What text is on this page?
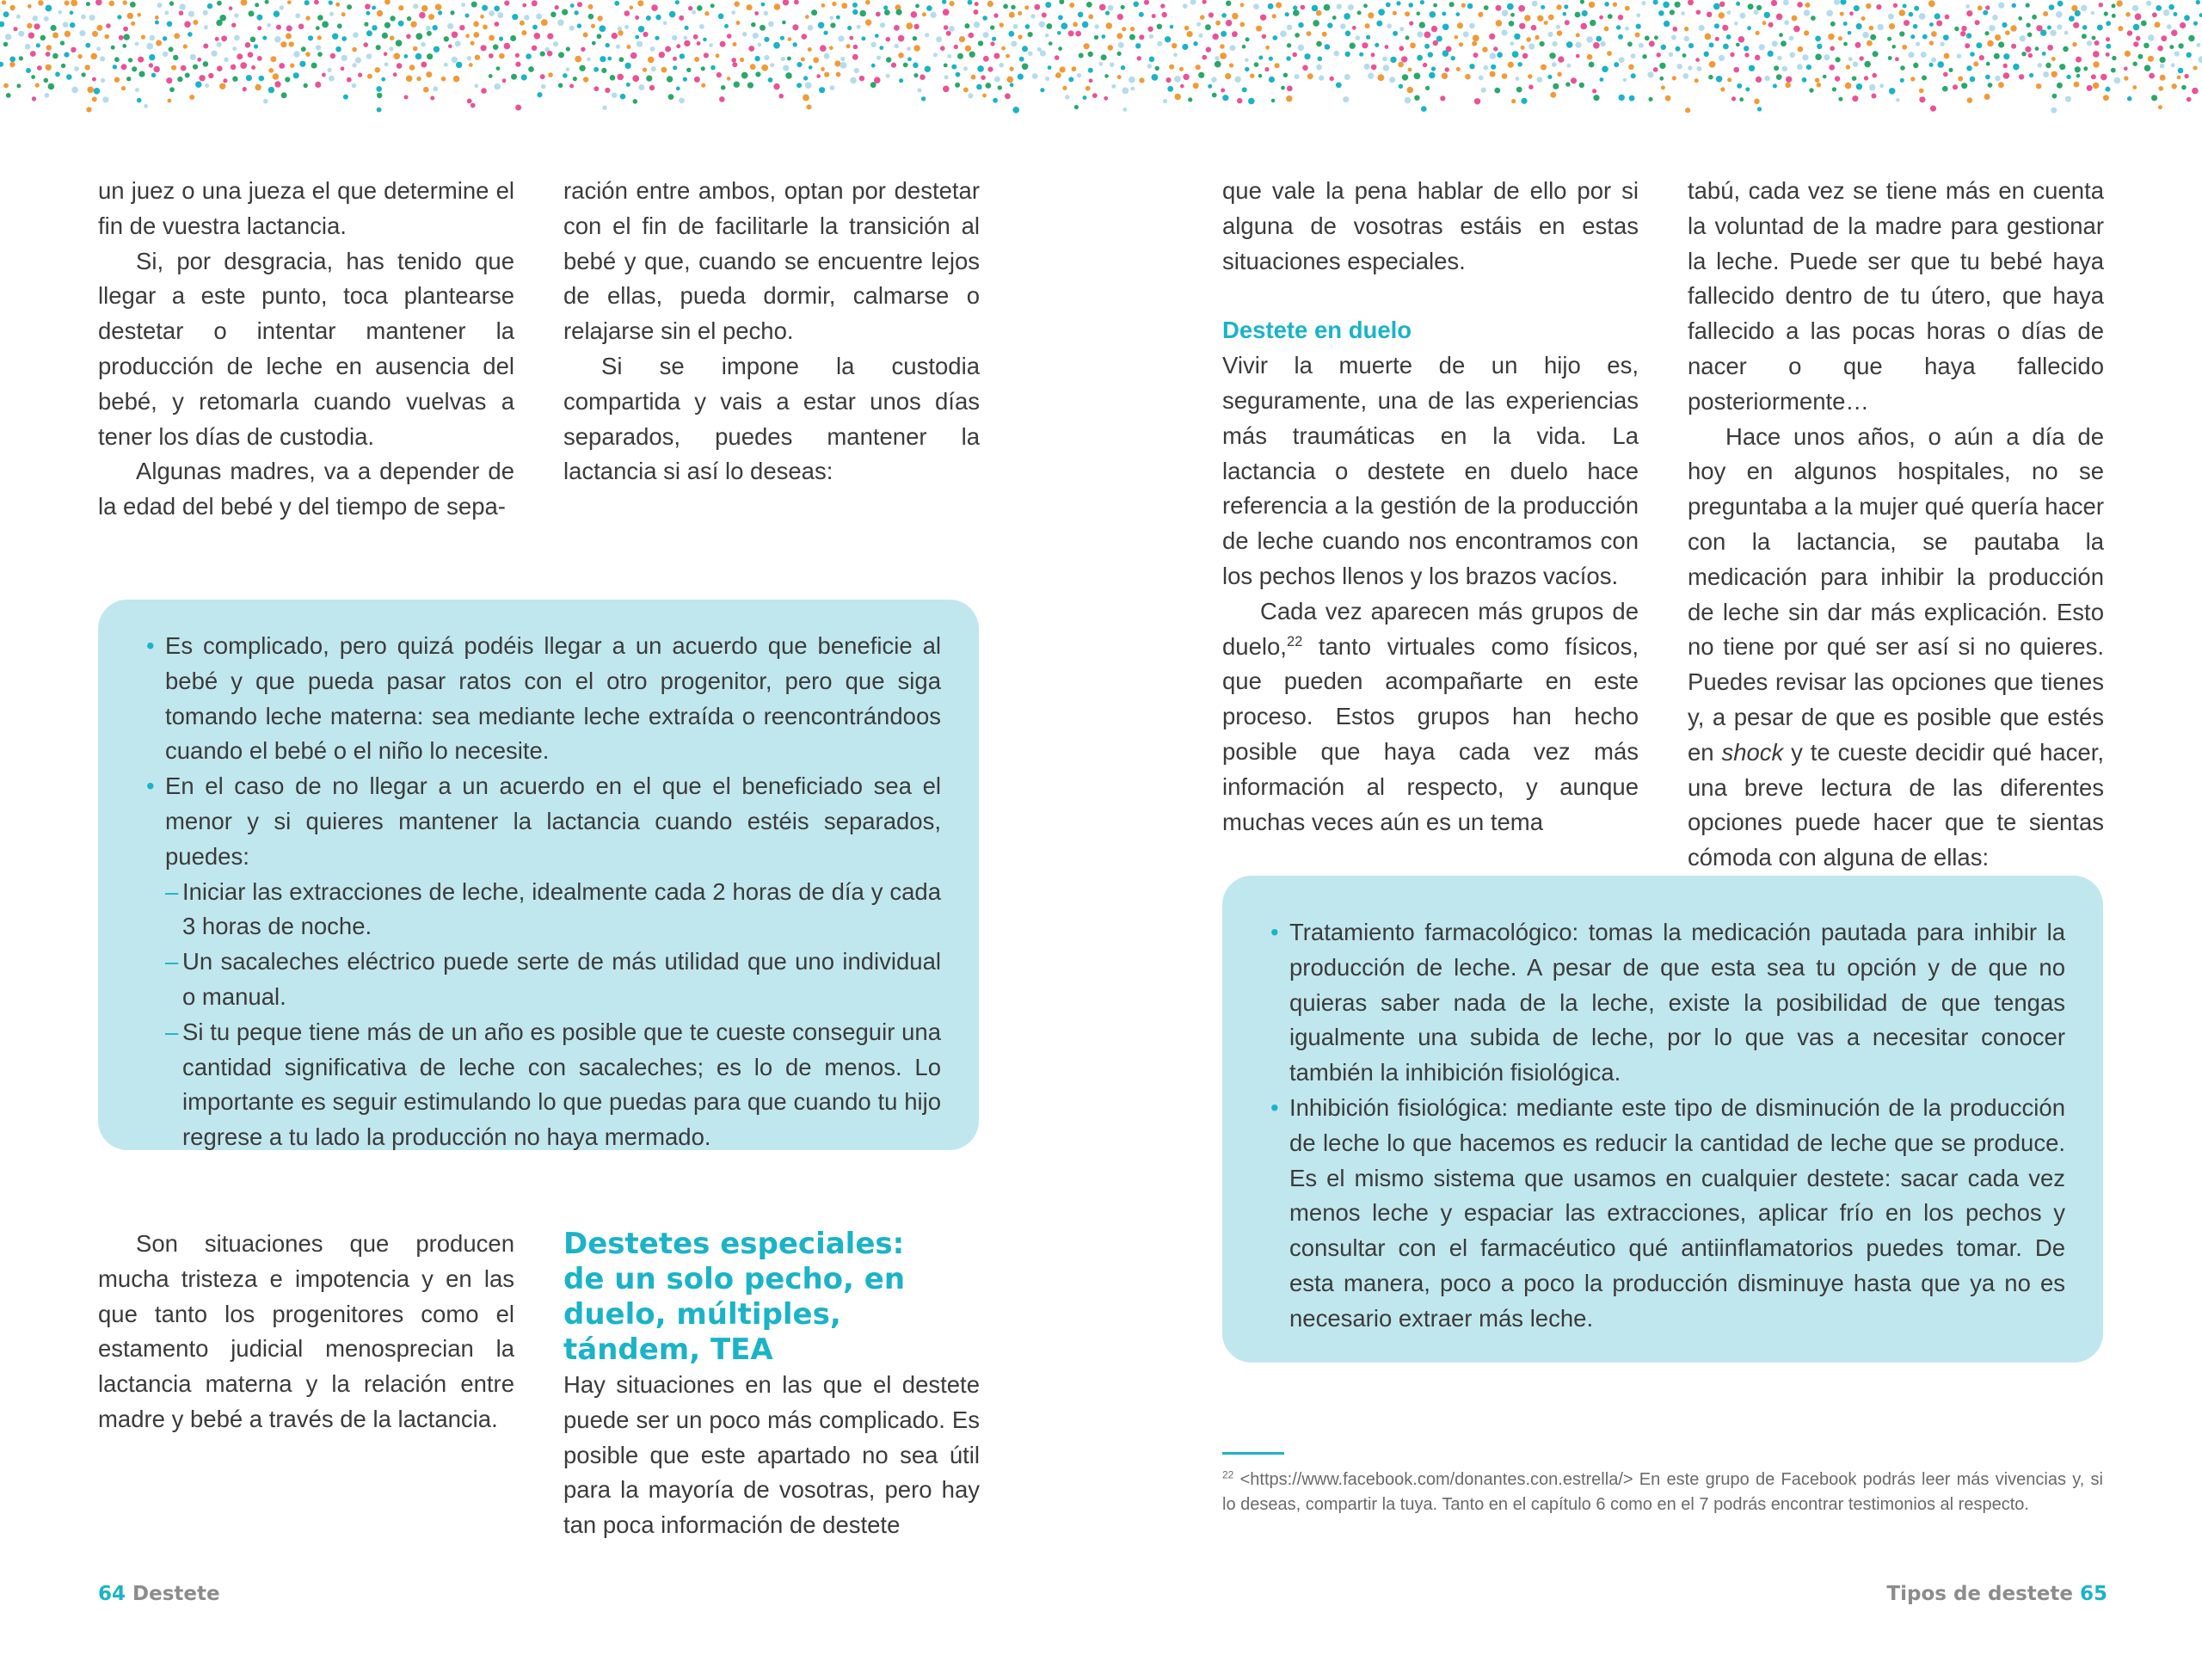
un juez o una jueza el que determine el fin de vuestra lactancia.

Si, por desgracia, has tenido que llegar a este punto, toca plantearse destetar o intentar mantener la producción de leche en ausencia del bebé, y retomarla cuando vuelvas a tener los días de custodia.

Algunas madres, va a depender de la edad del bebé y del tiempo de sepa-

ración entre ambos, optan por destetar con el fin de facilitarle la transición al bebé y que, cuando se encuentre lejos de ellas, pueda dormir, calmarse o relajarse sin el pecho.

Si se impone la custodia compartida y vais a estar unos días separados, puedes mantener la lactancia si así lo deseas:

• Es complicado, pero quizá podéis llegar a un acuerdo que beneficie al bebé y que pueda pasar ratos con el otro progenitor, pero que siga tomando leche materna: sea mediante leche extraída o reencontrándoos cuando el bebé o el niño lo necesite.
• En el caso de no llegar a un acuerdo en el que el beneficiado sea el menor y si quieres mantener la lactancia cuando estéis separados, puedes:
– Iniciar las extracciones de leche, idealmente cada 2 horas de día y cada 3 horas de noche.
– Un sacaleches eléctrico puede serte de más utilidad que uno individual o manual.
– Si tu peque tiene más de un año es posible que te cueste conseguir una cantidad significativa de leche con sacaleches; es lo de menos. Lo importante es seguir estimulando lo que puedas para que cuando tu hijo regrese a tu lado la producción no haya mermado.

Son situaciones que producen mucha tristeza e impotencia y en las que tanto los progenitores como el estamento judicial menosprecian la lactancia materna y la relación entre madre y bebé a través de la lactancia.

Destetes especiales: de un solo pecho, en duelo, múltiples, tándem, TEA

Hay situaciones en las que el destete puede ser un poco más complicado. Es posible que este apartado no sea útil para la mayoría de vosotras, pero hay tan poca información de destete

64 Destete

que vale la pena hablar de ello por si alguna de vosotras estáis en estas situaciones especiales.

Destete en duelo

Vivir la muerte de un hijo es, seguramente, una de las experiencias más traumáticas en la vida. La lactancia o destete en duelo hace referencia a la gestión de la producción de leche cuando nos encontramos con los pechos llenos y los brazos vacíos.

Cada vez aparecen más grupos de duelo,$^{22}$ tanto virtuales como físicos, que pueden acompañarte en este proceso. Estos grupos han hecho posible que haya cada vez más información al respecto, y aunque muchas veces aún es un tema

tabú, cada vez se tiene más en cuenta la voluntad de la madre para gestionar la leche. Puede ser que tu bebé haya fallecido dentro de tu útero, que haya fallecido a las pocas horas o días de nacer o que haya fallecido posteriormente…

Hace unos años, o aún a día de hoy en algunos hospitales, no se preguntaba a la mujer qué quería hacer con la lactancia, se pautaba la medicación para inhibir la producción de leche sin dar más explicación. Esto no tiene por qué ser así si no quieres. Puedes revisar las opciones que tienes y, a pesar de que es posible que estés en shock y te cueste decidir qué hacer, una breve lectura de las diferentes opciones puede hacer que te sientas cómoda con alguna de ellas:

• Tratamiento farmacológico: tomas la medicación pautada para inhibir la producción de leche. A pesar de que esta sea tu opción y de que no quieras saber nada de la leche, existe la posibilidad de que tengas igualmente una subida de leche, por lo que vas a necesitar conocer también la inhibición fisiológica.
• Inhibición fisiológica: mediante este tipo de disminución de la producción de leche lo que hacemos es reducir la cantidad de leche que se produce. Es el mismo sistema que usamos en cualquier destete: sacar cada vez menos leche y espaciar las extracciones, aplicar frío en los pechos y consultar con el farmacéutico qué antiinflamatorios puedes tomar. De esta manera, poco a poco la producción disminuye hasta que ya no es necesario extraer más leche.
$^{22}$ <https://www.facebook.com/donantes.con.estrella/> En este grupo de Facebook podrás leer más vivencias y, si lo deseas, compartir la tuya. Tanto en el capítulo 6 como en el 7 podrás encontrar testimonios al respecto.
Tipos de destete 65
